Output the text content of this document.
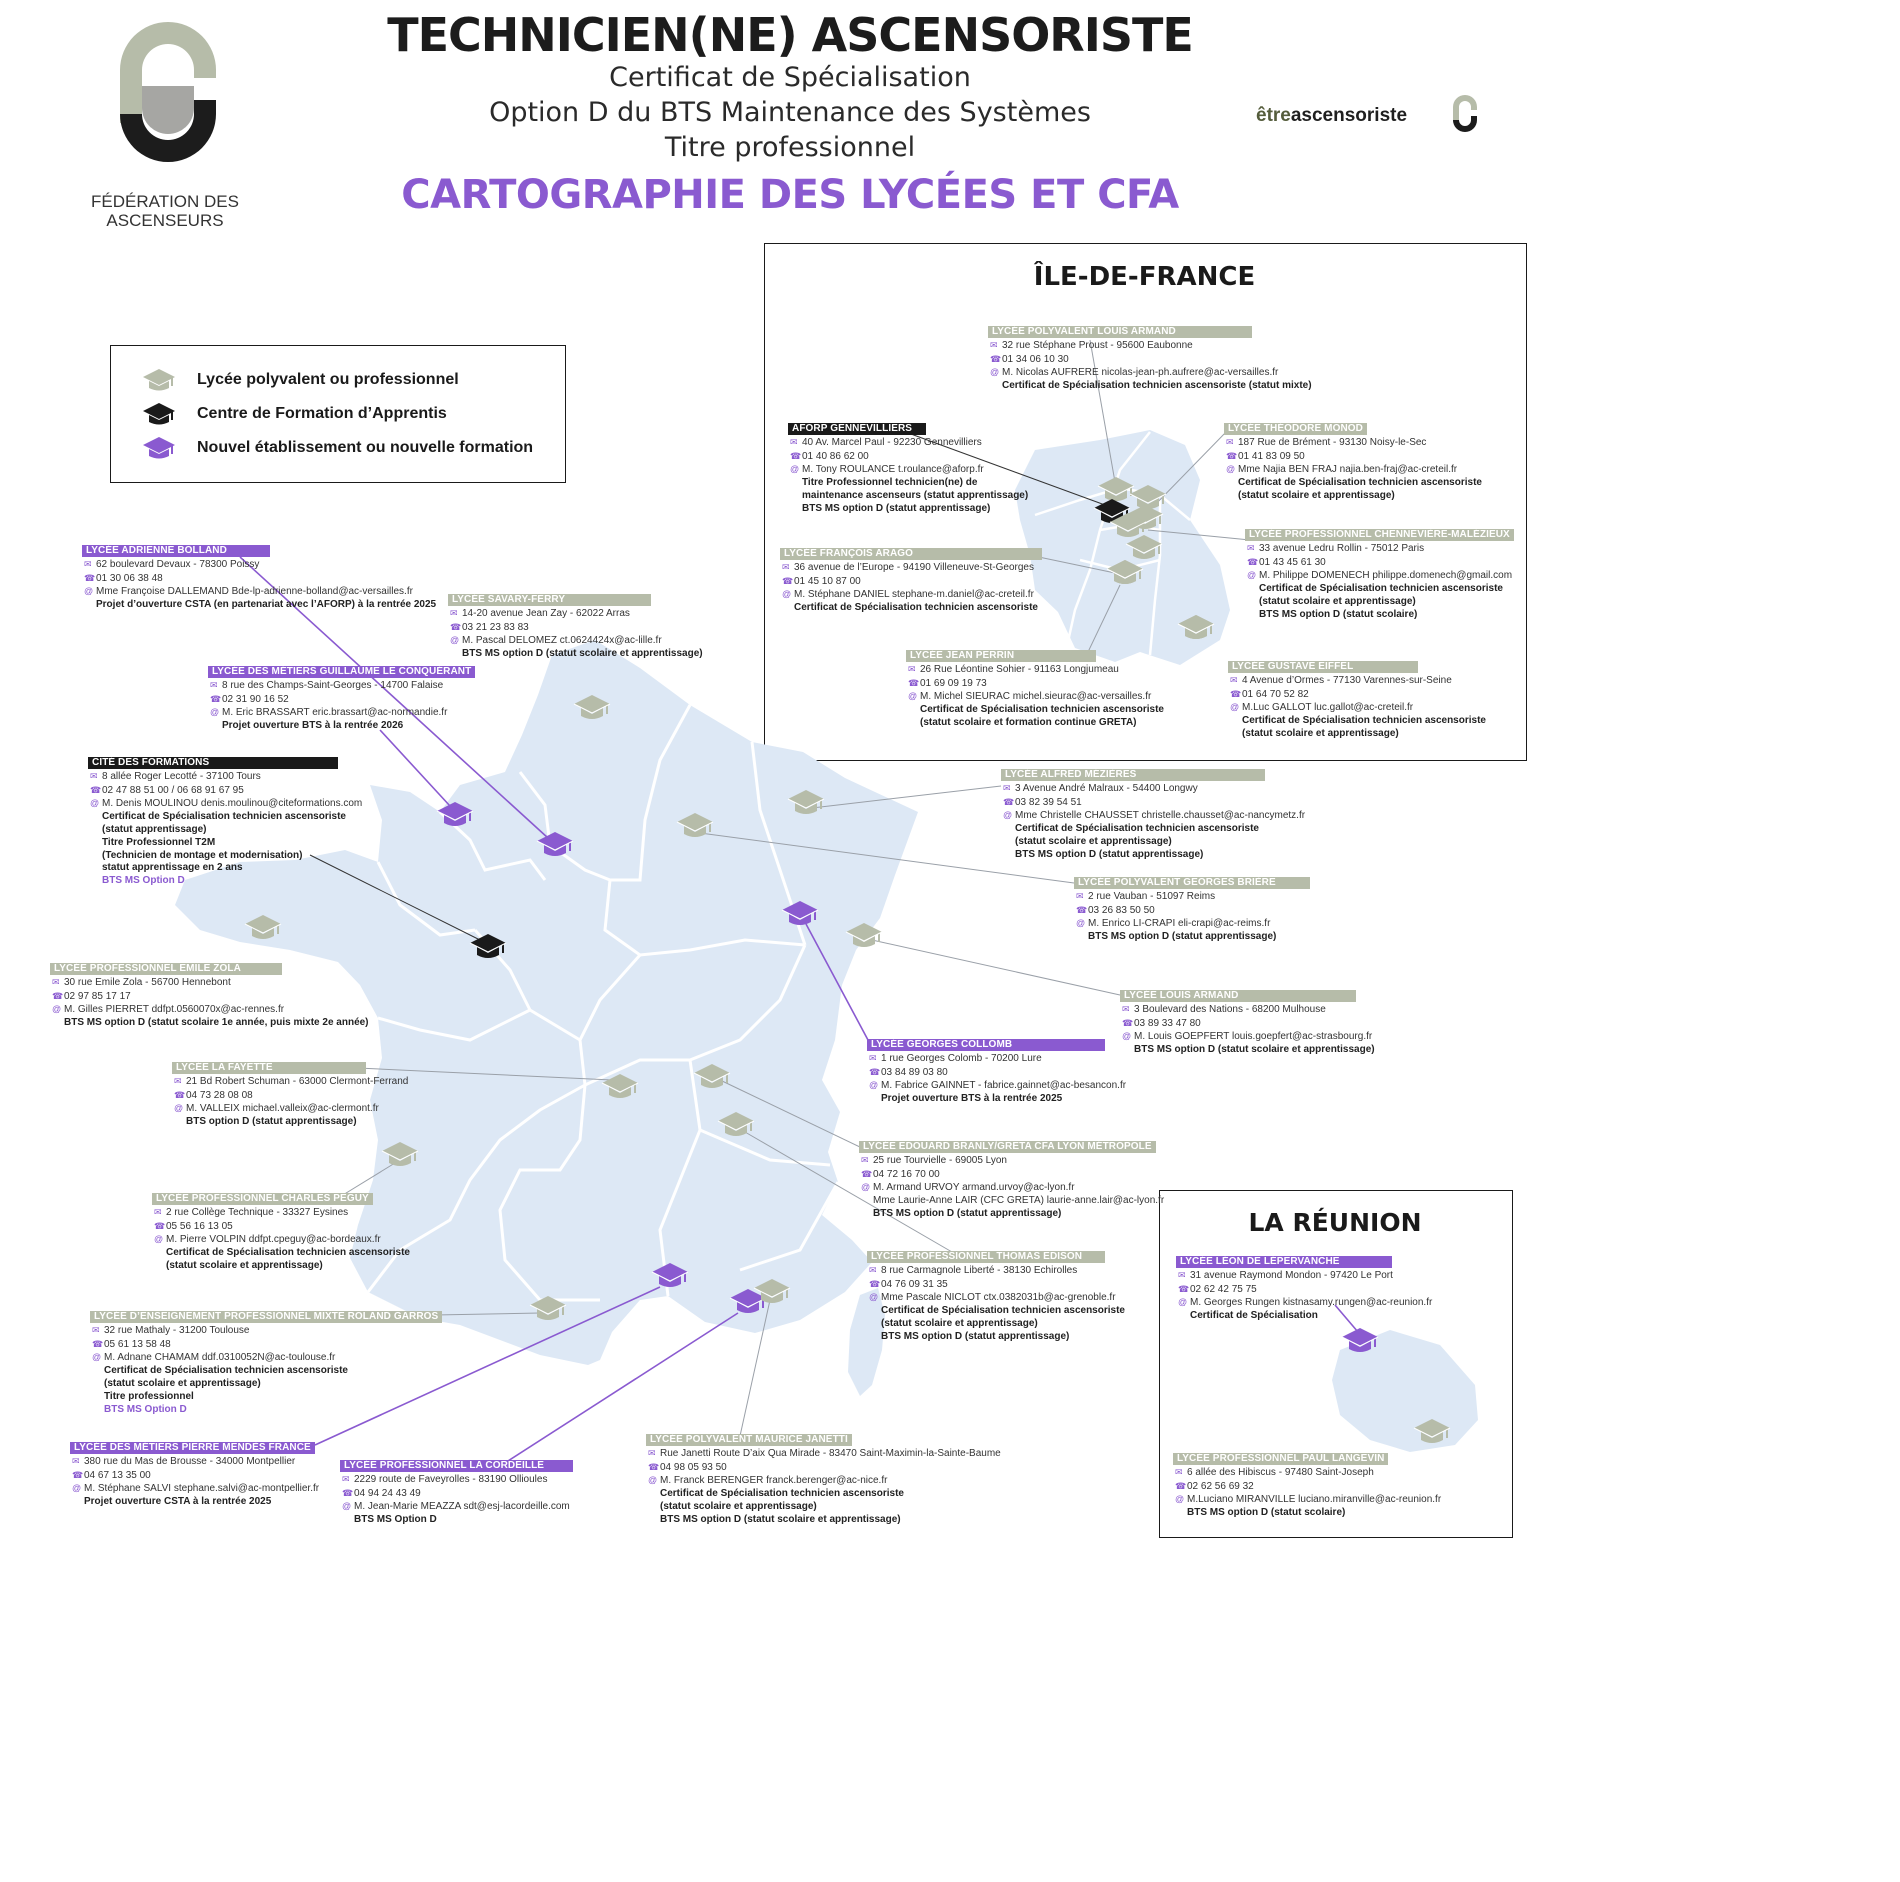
TECHNICIEN(NE) ASCENSORISTE
Certificat de Spécialisation
Option D du BTS Maintenance des Systèmes
Titre professionnel
CARTOGRAPHIE DES LYCÉES ET CFA
FÉDÉRATION DES
ASCENSEURS
êtreascensoriste
Lycée polyvalent ou professionnel
Centre de Formation d’Apprentis
Nouvel établissement ou nouvelle formation
ÎLE-DE-FRANCE
LA RÉUNION
LYCÉE ADRIENNE BOLLAND
✉ 62 boulevard Devaux - 78300 Poissy
☎01 30 06 38 48
@ Mme Françoise DALLEMAND Bde-lp-adrienne-bolland@ac-versailles.fr
Projet d’ouverture CSTA (en partenariat avec l’AFORP) à la rentrée 2025	LYCÉE SAVARY-FERRY
✉ 14-20 avenue Jean Zay - 62022 Arras
☎03 21 23 83 83
@ M. Pascal DELOMEZ ct.0624424x@ac-lille.fr
BTS MS option D (statut scolaire et apprentissage)
LYCÉE DES MÉTIERS GUILLAUME LE CONQUÉRANT
✉ 8 rue des Champs-Saint-Georges - 14700 Falaise
☎02 31 90 16 52
@ M. Eric BRASSART eric.brassart@ac-normandie.fr
Projet ouverture BTS à la rentrée 2026
CITÉ DES FORMATIONS
✉ 8 allée Roger Lecotté - 37100 Tours
☎02 47 88 51 00 / 06 68 91 67 95
@ M. Denis MOULINOU denis.moulinou@citeformations.com
Certificat de Spécialisation technicien ascensoriste
(statut apprentissage)
Titre Professionnel T2M
(Technicien de montage et modernisation)
statut apprentissage en 2 ans
BTS MS Option D
LYCÉE PROFESSIONNEL EMILE ZOLA
✉ 30 rue Emile Zola - 56700 Hennebont
☎02 97 85 17 17
@ M. Gilles PIERRET ddfpt.0560070x@ac-rennes.fr
BTS MS option D (statut scolaire 1e année, puis mixte 2e année)
LYCÉE LA FAYETTE
✉ 21 Bd Robert Schuman - 63000 Clermont-Ferrand
☎04 73 28 08 08
@ M. VALLEIX michael.valleix@ac-clermont.fr
BTS option D (statut apprentissage)
LYCÉE PROFESSIONNEL CHARLES PEGUY
✉ 2 rue Collège Technique - 33327 Eysines
☎05 56 16 13 05
@ M. Pierre VOLPIN ddfpt.cpeguy@ac-bordeaux.fr
Certificat de Spécialisation technicien ascensoriste
(statut scolaire et apprentissage)
LYCÉE D’ENSEIGNEMENT PROFESSIONNEL MIXTE ROLAND GARROS
✉ 32 rue Mathaly - 31200 Toulouse
☎05 61 13 58 48
@ M. Adnane CHAMAM ddf.0310052N@ac-toulouse.fr
Certificat de Spécialisation technicien ascensoriste
(statut scolaire et apprentissage)
Titre professionnel
BTS MS Option D
LYCÉE DES MÉTIERS PIERRE MENDÈS FRANCE
✉ 380 rue du Mas de Brousse - 34000 Montpellier
☎04 67 13 35 00
@ M. Stéphane SALVI stephane.salvi@ac-montpellier.fr
Projet ouverture CSTA à la rentrée 2025
LYCÉE PROFESSIONNEL LA CORDEILLE
✉ 2229 route de Faveyrolles - 83190 Ollioules
☎04 94 24 43 49
@ M. Jean-Marie MEAZZA sdt@esj-lacordeille.com
BTS MS Option D
LYCÉE POLYVALENT MAURICE JANETTI
✉ Rue Janetti Route D’aix Qua Mirade - 83470 Saint-Maximin-la-Sainte-Baume
☎04 98 05 93 50
@ M. Franck BERENGER franck.berenger@ac-nice.fr
Certificat de Spécialisation technicien ascensoriste
(statut scolaire et apprentissage)
BTS MS option D (statut scolaire et apprentissage)
LYCÉE PROFESSIONNEL THOMAS EDISON
✉ 8 rue Carmagnole Liberté - 38130 Echirolles
☎04 76 09 31 35
@ Mme Pascale NICLOT ctx.0382031b@ac-grenoble.fr
Certificat de Spécialisation technicien ascensoriste
(statut scolaire et apprentissage)
BTS MS option D (statut apprentissage)
LYCÉE EDOUARD BRANLY/GRETA CFA LYON MÉTROPOLE
✉ 25 rue Tourvielle - 69005 Lyon
☎04 72 16 70 00
@ M. Armand URVOY armand.urvoy@ac-lyon.fr
Mme Laurie-Anne LAIR (CFC GRETA) laurie-anne.lair@ac-lyon.fr
BTS MS option D (statut apprentissage)
LYCÉE GEORGES COLLOMB
✉ 1 rue Georges Colomb - 70200 Lure
☎03 84 89 03 80
@ M. Fabrice GAINNET - fabrice.gainnet@ac-besancon.fr
Projet ouverture BTS à la rentrée 2025
LYCÉE LOUIS ARMAND
✉ 3 Boulevard des Nations - 68200 Mulhouse
☎03 89 33 47 80
@ M. Louis GOEPFERT louis.goepfert@ac-strasbourg.fr
BTS MS option D (statut scolaire et apprentissage)
LYCÉE POLYVALENT GEORGES BRIÈRE
✉ 2 rue Vauban - 51097 Reims
☎03 26 83 50 50
@ M. Enrico LI-CRAPI eli-crapi@ac-reims.fr
BTS MS option D (statut apprentissage)
LYCÉE ALFRED MÉZIÈRES
✉ 3 Avenue André Malraux - 54400 Longwy
☎03 82 39 54 51
@ Mme Christelle CHAUSSET christelle.chausset@ac-nancymetz.fr
Certificat de Spécialisation technicien ascensoriste
(statut scolaire et apprentissage)
BTS MS option D (statut apprentissage)
LYCÉE POLYVALENT LOUIS ARMAND
✉ 32 rue Stéphane Proust - 95600 Eaubonne
☎01 34 06 10 30
@ M. Nicolas AUFRERE nicolas-jean-ph.aufrere@ac-versailles.fr
Certificat de Spécialisation technicien ascensoriste (statut mixte)
AFORP GENNEVILLIERS
✉ 40 Av. Marcel Paul - 92230 Gennevilliers
☎01 40 86 62 00
@ M. Tony ROULANCE t.roulance@aforp.fr
Titre Professionnel technicien(ne) de
maintenance ascenseurs (statut apprentissage)
BTS MS option D (statut apprentissage)
LYCÉE THÉODORE MONOD
✉ 187 Rue de Brément - 93130 Noisy-le-Sec
☎01 41 83 09 50
@ Mme Najia BEN FRAJ najia.ben-fraj@ac-creteil.fr
Certificat de Spécialisation technicien ascensoriste
(statut scolaire et apprentissage)
LYCÉE FRANÇOIS ARAGO
✉ 36 avenue de l’Europe - 94190 Villeneuve-St-Georges
☎01 45 10 87 00
@ M. Stéphane DANIEL stephane-m.daniel@ac-creteil.fr
Certificat de Spécialisation technicien ascensoriste
LYCÉE PROFESSIONNEL CHENNEVIÈRE-MALÉZIEUX
✉ 33 avenue Ledru Rollin - 75012 Paris
☎01 43 45 61 30
@ M. Philippe DOMENECH philippe.domenech@gmail.com
Certificat de Spécialisation technicien ascensoriste
(statut scolaire et apprentissage)
BTS MS option D (statut scolaire)
LYCÉE JEAN PERRIN
✉ 26 Rue Léontine Sohier - 91163 Longjumeau
☎01 69 09 19 73
@ M. Michel SIEURAC michel.sieurac@ac-versailles.fr
Certificat de Spécialisation technicien ascensoriste
(statut scolaire et formation continue GRETA)
LYCÉE GUSTAVE EIFFEL
✉ 4 Avenue d’Ormes - 77130 Varennes-sur-Seine
☎01 64 70 52 82
@ M.Luc GALLOT luc.gallot@ac-creteil.fr
Certificat de Spécialisation technicien ascensoriste
(statut scolaire et apprentissage)
LYCÉE LÉON DE LÉPERVANCHE
✉ 31 avenue Raymond Mondon - 97420 Le Port
☎02 62 42 75 75
@ M. Georges Rungen kistnasamy.rungen@ac-reunion.fr
Certificat de Spécialisation
LYCÉE PROFESSIONNEL PAUL LANGEVIN
✉ 6 allée des Hibiscus - 97480 Saint-Joseph
☎02 62 56 69 32
@ M.Luciano MIRANVILLE luciano.miranville@ac-reunion.fr
BTS MS option D (statut scolaire)
